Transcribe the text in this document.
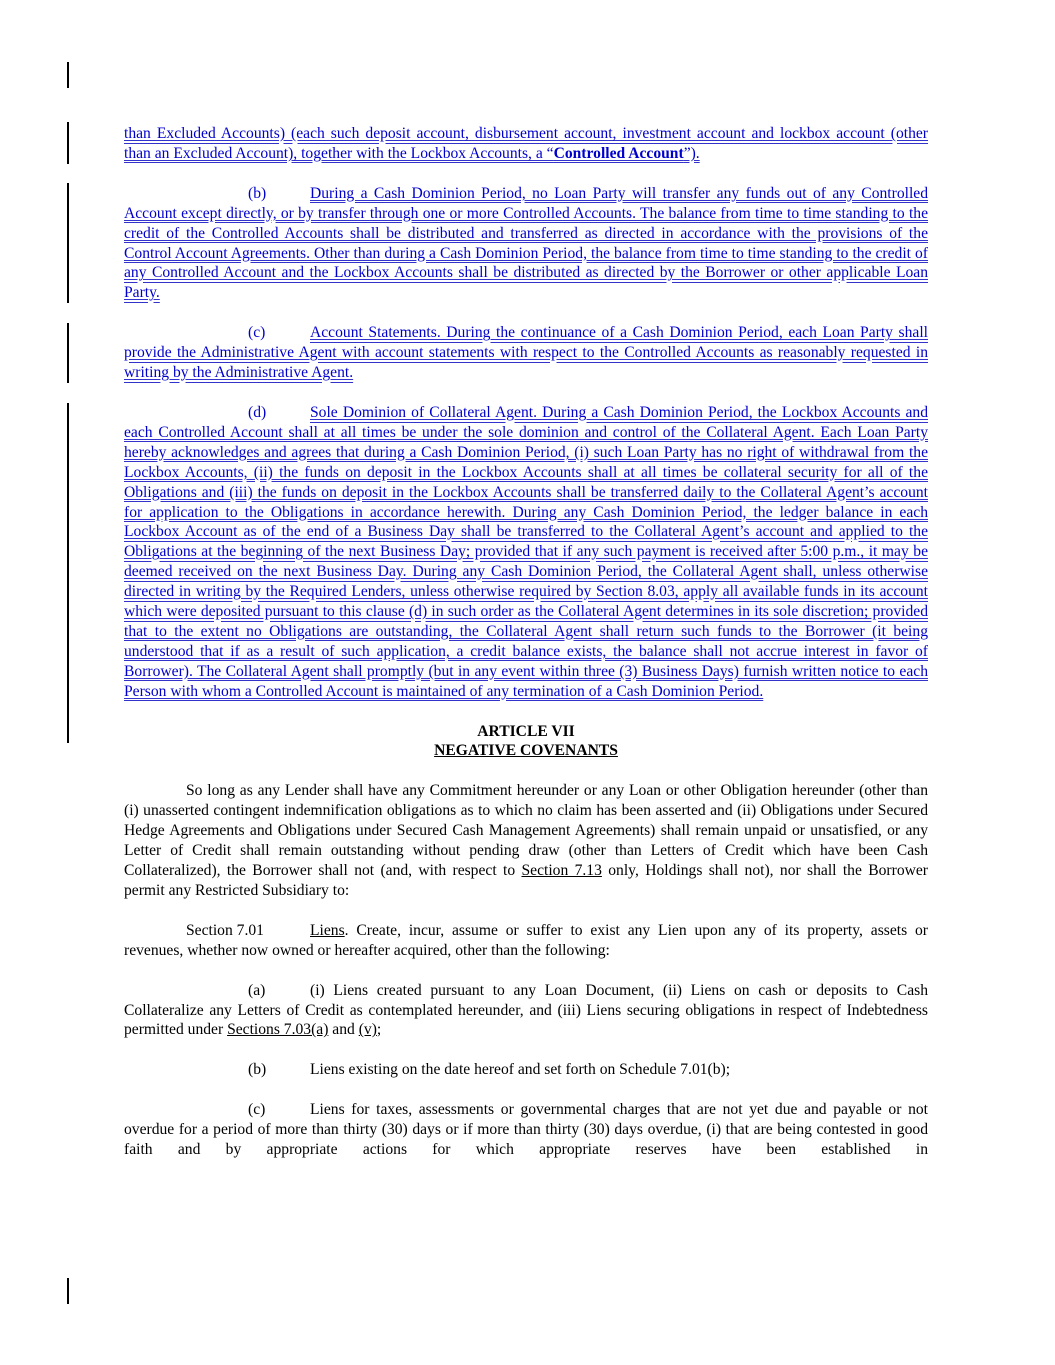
than Excluded Accounts) (each such deposit account, disbursement account, investment account and lockbox account (other than an Excluded Account), together with the Lockbox Accounts, a “Controlled Account”).

(b)	During a Cash Dominion Period, no Loan Party will transfer any funds out of any Controlled Account except directly, or by transfer through one or more Controlled Accounts. The balance from time to time standing to the credit of the Controlled Accounts shall be distributed and transferred as directed in accordance with the provisions of the Control Account Agreements. Other than during a Cash Dominion Period, the balance from time to time standing to the credit of any Controlled Account and the Lockbox Accounts shall be distributed as directed by the Borrower or other applicable Loan Party.

(c)	Account Statements. During the continuance of a Cash Dominion Period, each Loan Party shall provide the Administrative Agent with account statements with respect to the Controlled Accounts as reasonably requested in writing by the Administrative Agent.

(d)	Sole Dominion of Collateral Agent. During a Cash Dominion Period, the Lockbox Accounts and each Controlled Account shall at all times be under the sole dominion and control of the Collateral Agent. Each Loan Party hereby acknowledges and agrees that during a Cash Dominion Period, (i) such Loan Party has no right of withdrawal from the Lockbox Accounts, (ii) the funds on deposit in the Lockbox Accounts shall at all times be collateral security for all of the Obligations and (iii) the funds on deposit in the Lockbox Accounts shall be transferred daily to the Collateral Agent’s account for application to the Obligations in accordance herewith. During any Cash Dominion Period, the ledger balance in each Lockbox Account as of the end of a Business Day shall be transferred to the Collateral Agent’s account and applied to the Obligations at the beginning of the next Business Day; provided that if any such payment is received after 5:00 p.m., it may be deemed received on the next Business Day. During any Cash Dominion Period, the Collateral Agent shall, unless otherwise directed in writing by the Required Lenders, unless otherwise required by Section 8.03, apply all available funds in its account which were deposited pursuant to this clause (d) in such order as the Collateral Agent determines in its sole discretion; provided that to the extent no Obligations are outstanding, the Collateral Agent shall return such funds to the Borrower (it being understood that if as a result of such application, a credit balance exists, the balance shall not accrue interest in favor of Borrower). The Collateral Agent shall promptly (but in any event within three (3) Business Days) furnish written notice to each Person with whom a Controlled Account is maintained of any termination of a Cash Dominion Period.

ARTICLE VII

NEGATIVE COVENANTS

So long as any Lender shall have any Commitment hereunder or any Loan or other Obligation hereunder (other than (i) unasserted contingent indemnification obligations as to which no claim has been asserted and (ii) Obligations under Secured Hedge Agreements and Obligations under Secured Cash Management Agreements) shall remain unpaid or unsatisfied, or any Letter of Credit shall remain outstanding without pending draw (other than Letters of Credit which have been Cash Collateralized), the Borrower shall not (and, with respect to Section 7.13 only, Holdings shall not), nor shall the Borrower permit any Restricted Subsidiary to:

Section 7.01	Liens. Create, incur, assume or suffer to exist any Lien upon any of its property, assets or revenues, whether now owned or hereafter acquired, other than the following:

(a)	(i) Liens created pursuant to any Loan Document, (ii) Liens on cash or deposits to Cash Collateralize any Letters of Credit as contemplated hereunder, and (iii) Liens securing obligations in respect of Indebtedness permitted under Sections 7.03(a) and (v);

(b)	Liens existing on the date hereof and set forth on Schedule 7.01(b);

(c)	Liens for taxes, assessments or governmental charges that are not yet due and payable or not overdue for a period of more than thirty (30) days or if more than thirty (30) days overdue, (i) that are being contested in good faith and by appropriate actions for which appropriate reserves have been established in
